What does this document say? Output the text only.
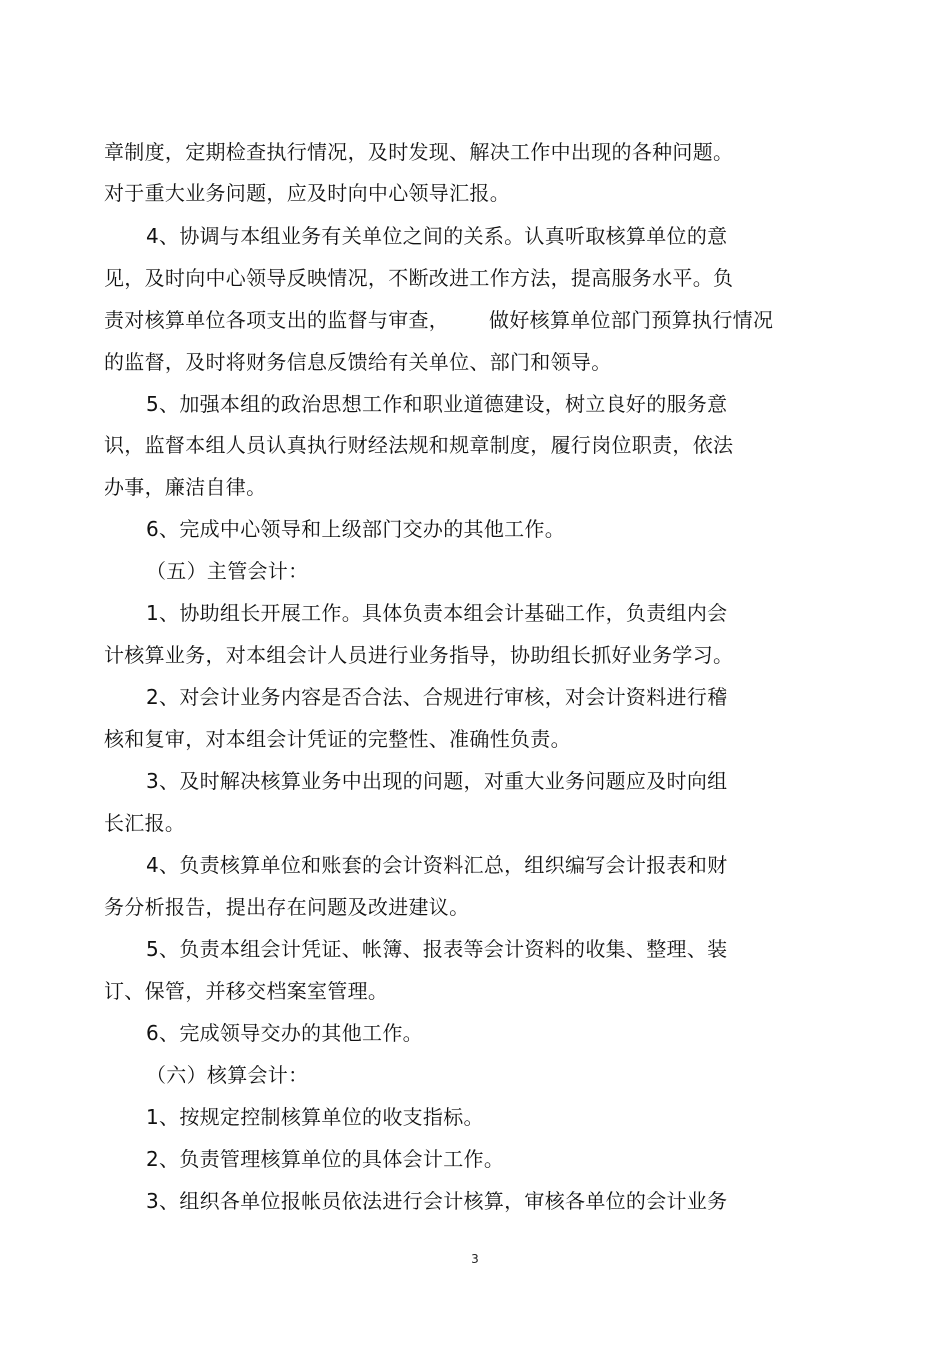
章制度，定期检查执行情况，及时发现、解决工作中出现的各种问题。
对于重大业务问题，应及时向中心领导汇报。
4、协调与本组业务有关单位之间的关系。认真听取核算单位的意
见，及时向中心领导反映情况，不断改进工作方法，提高服务水平。负
责对核算单位各项支出的监督与审查，      做好核算单位部门预算执行情况
的监督，及时将财务信息反馈给有关单位、部门和领导。
5、加强本组的政治思想工作和职业道德建设，树立良好的服务意
识，监督本组人员认真执行财经法规和规章制度，履行岗位职责，依法
办事，廉洁自律。
6、完成中心领导和上级部门交办的其他工作。
（五）主管会计：
1、协助组长开展工作。具体负责本组会计基础工作，负责组内会
计核算业务，对本组会计人员进行业务指导，协助组长抓好业务学习。
2、对会计业务内容是否合法、合规进行审核，对会计资料进行稽
核和复审，对本组会计凭证的完整性、准确性负责。
3、及时解决核算业务中出现的问题，对重大业务问题应及时向组
长汇报。
4、负责核算单位和账套的会计资料汇总，组织编写会计报表和财
务分析报告，提出存在问题及改进建议。
5、负责本组会计凭证、帐簿、报表等会计资料的收集、整理、装
订、保管，并移交档案室管理。
6、完成领导交办的其他工作。
（六）核算会计：
1、按规定控制核算单位的收支指标。
2、负责管理核算单位的具体会计工作。
3、组织各单位报帐员依法进行会计核算，审核各单位的会计业务
3
